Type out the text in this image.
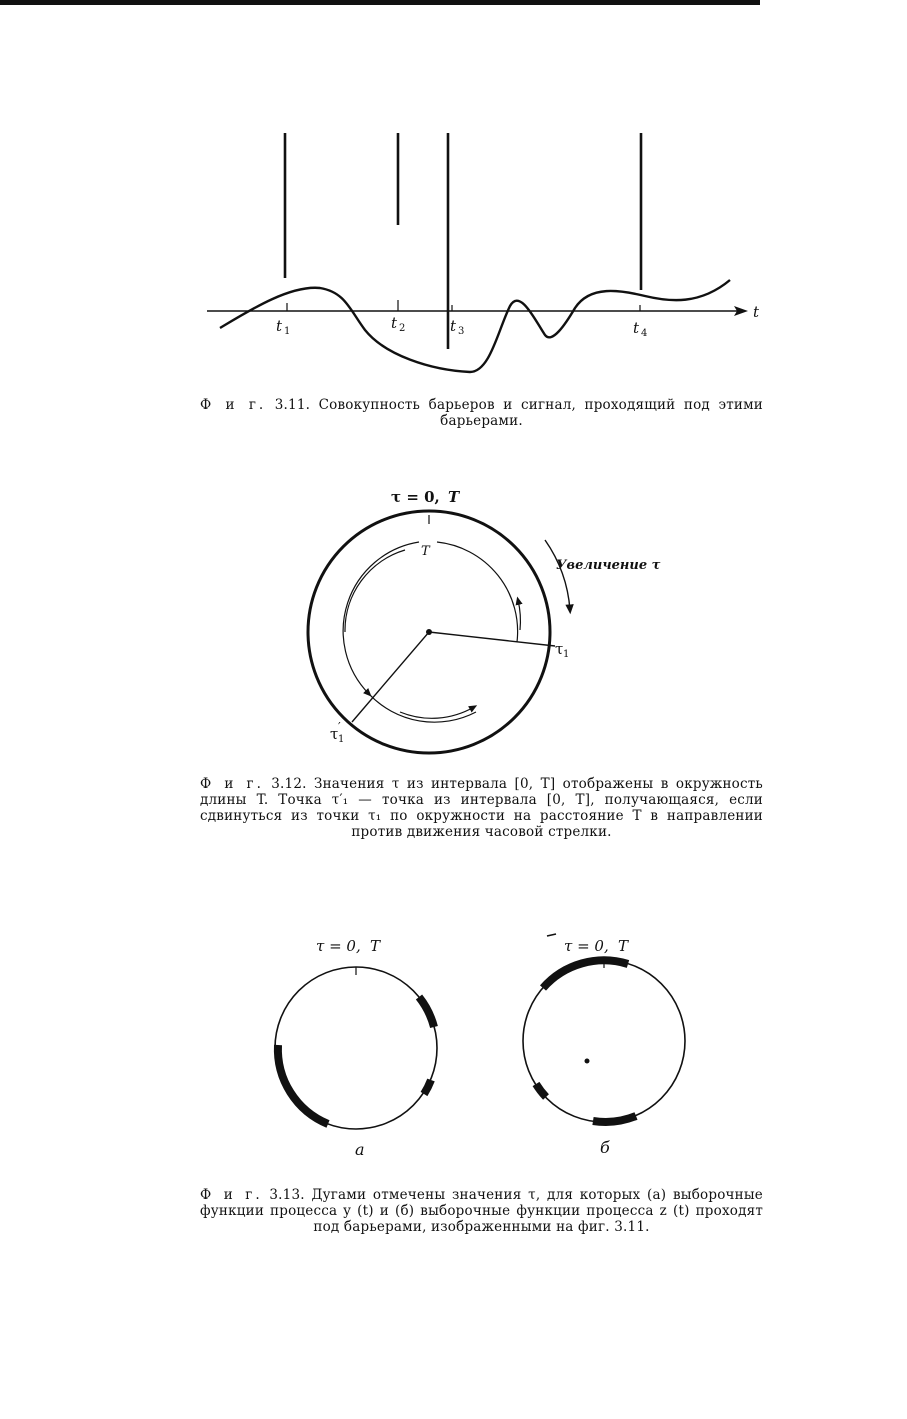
t 1	t 2	t 3	t 4
t
τ = 0, T
T
Увеличение τ
τ 1
τ 1
′
τ = 0, T	τ = 0, T
а	б
Ф и г. 3.11. Совокупность барьеров и сигнал, проходящий под этими барьерами.
Ф и г. 3.12. Значения τ из интервала [0, T] отображены в окружность длины T. Точка τ′₁ — точка из интервала [0, T], получающаяся, если сдвинуться из точки τ₁ по окружности на расстояние T в направлении против движения часовой стрелки.
Ф и г. 3.13. Дугами отмечены значения τ, для которых (а) выборочные функции процесса y (t) и (б) выборочные функции процесса z (t) проходят под барьерами, изображенными на фиг. 3.11.
